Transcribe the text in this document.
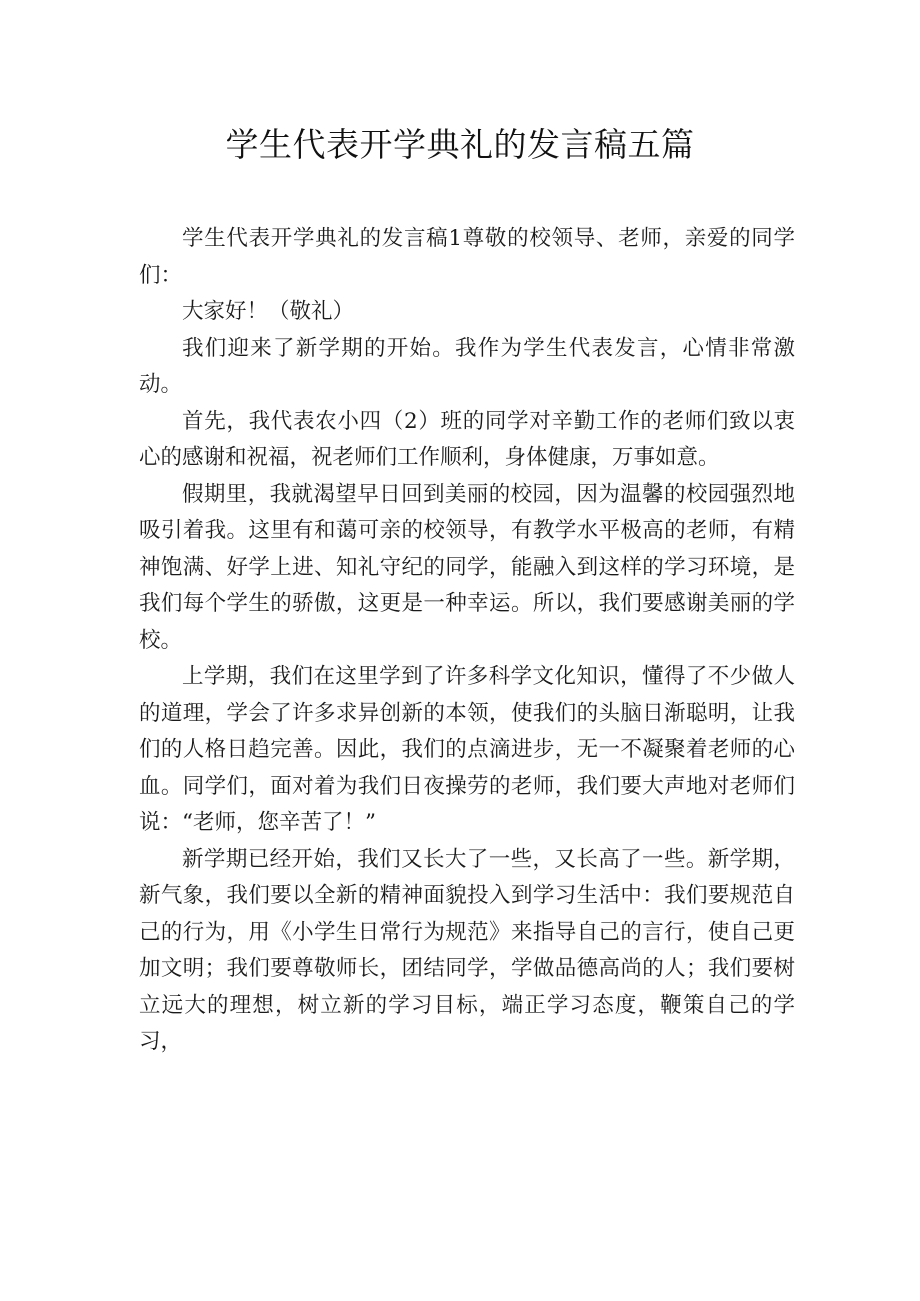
学生代表开学典礼的发言稿五篇

学生代表开学典礼的发言稿1尊敬的校领导、老师，亲爱的同学们：

大家好！（敬礼）

我们迎来了新学期的开始。我作为学生代表发言，心情非常激动。

首先，我代表农小四（2）班的同学对辛勤工作的老师们致以衷心的感谢和祝福，祝老师们工作顺利，身体健康，万事如意。

假期里，我就渴望早日回到美丽的校园，因为温馨的校园强烈地吸引着我。这里有和蔼可亲的校领导，有教学水平极高的老师，有精神饱满、好学上进、知礼守纪的同学，能融入到这样的学习环境，是我们每个学生的骄傲，这更是一种幸运。所以，我们要感谢美丽的学校。

上学期，我们在这里学到了许多科学文化知识，懂得了不少做人的道理，学会了许多求异创新的本领，使我们的头脑日渐聪明，让我们的人格日趋完善。因此，我们的点滴进步，无一不凝聚着老师的心血。同学们，面对着为我们日夜操劳的老师，我们要大声地对老师们说：“老师，您辛苦了！”

新学期已经开始，我们又长大了一些，又长高了一些。新学期，新气象，我们要以全新的精神面貌投入到学习生活中：我们要规范自己的行为，用《小学生日常行为规范》来指导自己的言行，使自己更加文明；我们要尊敬师长，团结同学，学做品德高尚的人；我们要树立远大的理想，树立新的学习目标，端正学习态度，鞭策自己的学习，
